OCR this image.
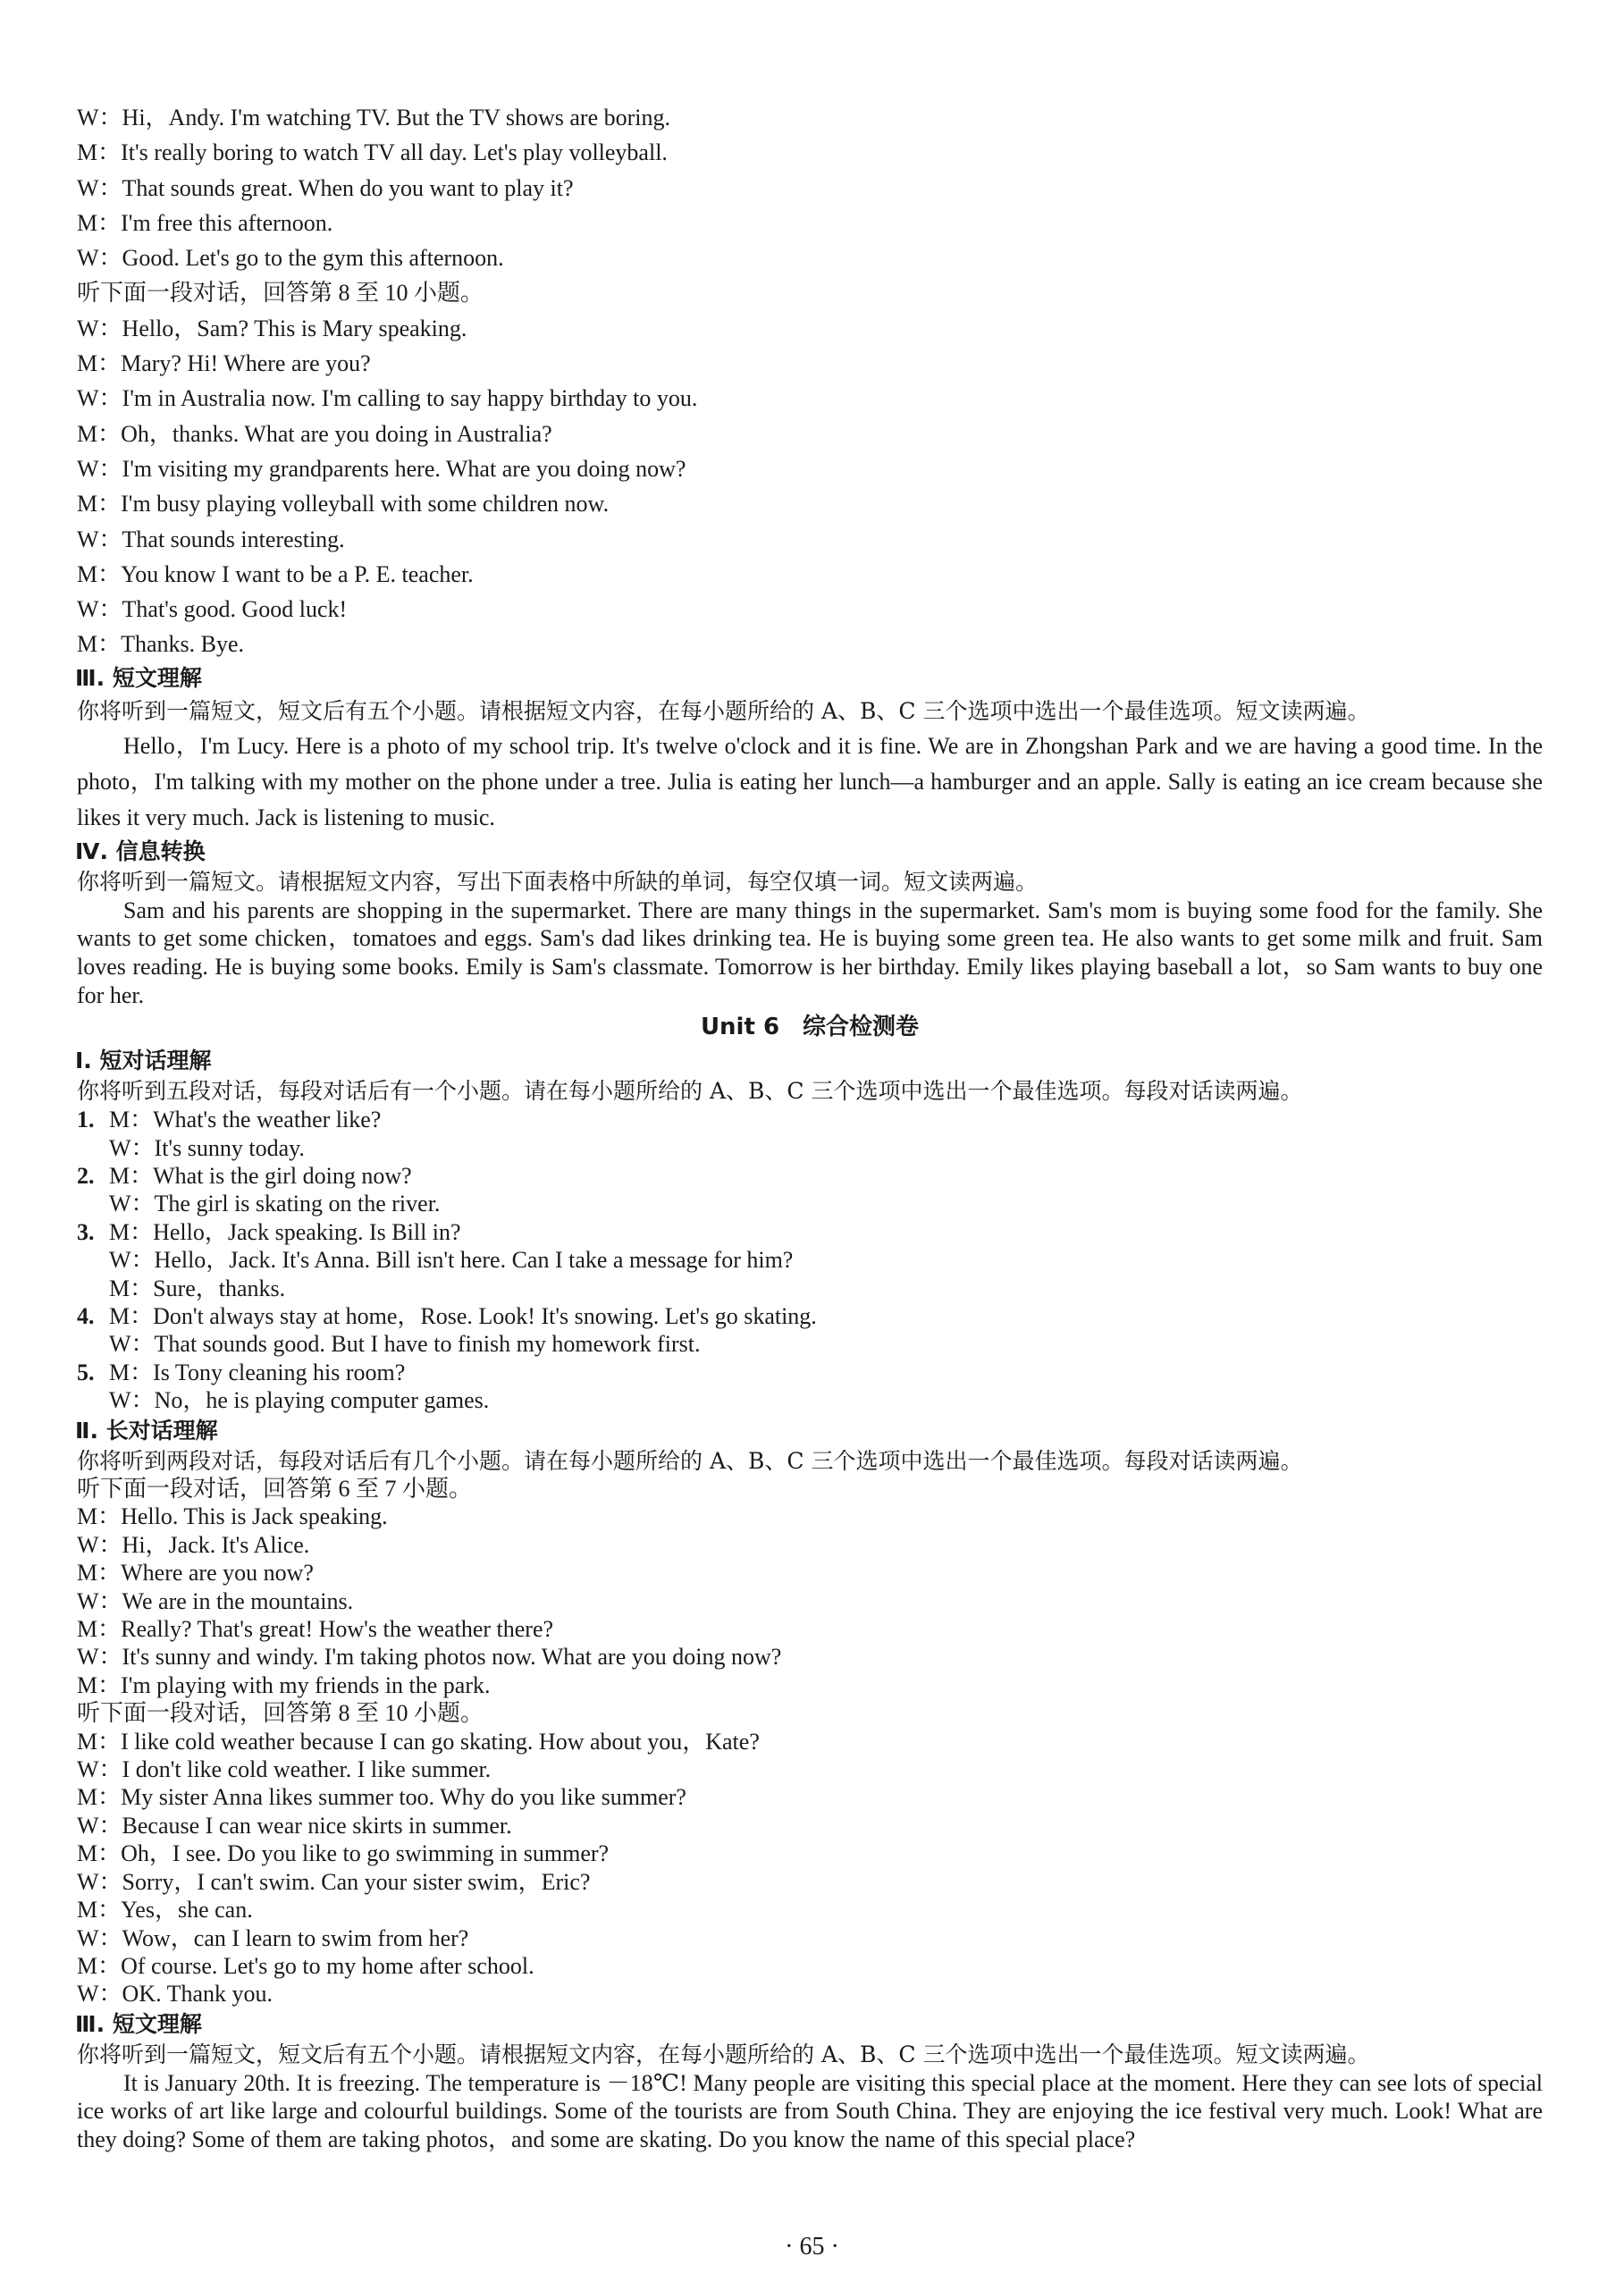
W：Hi，Andy. I'm watching TV. But the TV shows are boring.
M：It's really boring to watch TV all day. Let's play volleyball.
W：That sounds great. When do you want to play it?
M：I'm free this afternoon.
W：Good. Let's go to the gym this afternoon.
听下面一段对话，回答第 8 至 10 小题。
W：Hello，Sam? This is Mary speaking.
M：Mary? Hi! Where are you?
W：I'm in Australia now. I'm calling to say happy birthday to you.
M：Oh，thanks. What are you doing in Australia?
W：I'm visiting my grandparents here. What are you doing now?
M：I'm busy playing volleyball with some children now.
W：That sounds interesting.
M：You know I want to be a P. E. teacher.
W：That's good. Good luck!
M：Thanks. Bye.
Ⅲ. 短文理解
你将听到一篇短文，短文后有五个小题。请根据短文内容，在每小题所给的 A、B、C 三个选项中选出一个最佳选项。短文读两遍。
Hello，I'm Lucy. Here is a photo of my school trip. It's twelve o'clock and it is fine. We are in Zhongshan Park and we are having a good time. In the photo，I'm talking with my mother on the phone under a tree. Julia is eating her lunch—a hamburger and an apple. Sally is eating an ice cream because she likes it very much. Jack is listening to music.
Ⅳ. 信息转换
你将听到一篇短文。请根据短文内容，写出下面表格中所缺的单词，每空仅填一词。短文读两遍。
Sam and his parents are shopping in the supermarket. There are many things in the supermarket. Sam's mom is buying some food for the family. She wants to get some chicken，tomatoes and eggs. Sam's dad likes drinking tea. He is buying some green tea. He also wants to get some milk and fruit. Sam loves reading. He is buying some books. Emily is Sam's classmate. Tomorrow is her birthday. Emily likes playing baseball a lot，so Sam wants to buy one for her.
Unit 6　综合检测卷
Ⅰ. 短对话理解
你将听到五段对话，每段对话后有一个小题。请在每小题所给的 A、B、C 三个选项中选出一个最佳选项。每段对话读两遍。
1. M：What's the weather like?
W：It's sunny today.
2. M：What is the girl doing now?
W：The girl is skating on the river.
3. M：Hello，Jack speaking. Is Bill in?
W：Hello，Jack. It's Anna. Bill isn't here. Can I take a message for him?
M：Sure，thanks.
4. M：Don't always stay at home，Rose. Look! It's snowing. Let's go skating.
W：That sounds good. But I have to finish my homework first.
5. M：Is Tony cleaning his room?
W：No，he is playing computer games.
Ⅱ. 长对话理解
你将听到两段对话，每段对话后有几个小题。请在每小题所给的 A、B、C 三个选项中选出一个最佳选项。每段对话读两遍。
听下面一段对话，回答第 6 至 7 小题。
M：Hello. This is Jack speaking.
W：Hi，Jack. It's Alice.
M：Where are you now?
W：We are in the mountains.
M：Really? That's great! How's the weather there?
W：It's sunny and windy. I'm taking photos now. What are you doing now?
M：I'm playing with my friends in the park.
听下面一段对话，回答第 8 至 10 小题。
M：I like cold weather because I can go skating. How about you，Kate?
W：I don't like cold weather. I like summer.
M：My sister Anna likes summer too. Why do you like summer?
W：Because I can wear nice skirts in summer.
M：Oh，I see. Do you like to go swimming in summer?
W：Sorry，I can't swim. Can your sister swim，Eric?
M：Yes，she can.
W：Wow，can I learn to swim from her?
M：Of course. Let's go to my home after school.
W：OK. Thank you.
Ⅲ. 短文理解
你将听到一篇短文，短文后有五个小题。请根据短文内容，在每小题所给的 A、B、C 三个选项中选出一个最佳选项。短文读两遍。
It is January 20th. It is freezing. The temperature is －18℃! Many people are visiting this special place at the moment. Here they can see lots of special ice works of art like large and colourful buildings. Some of the tourists are from South China. They are enjoying the ice festival very much. Look! What are they doing? Some of them are taking photos，and some are skating. Do you know the name of this special place?
· 65 ·
